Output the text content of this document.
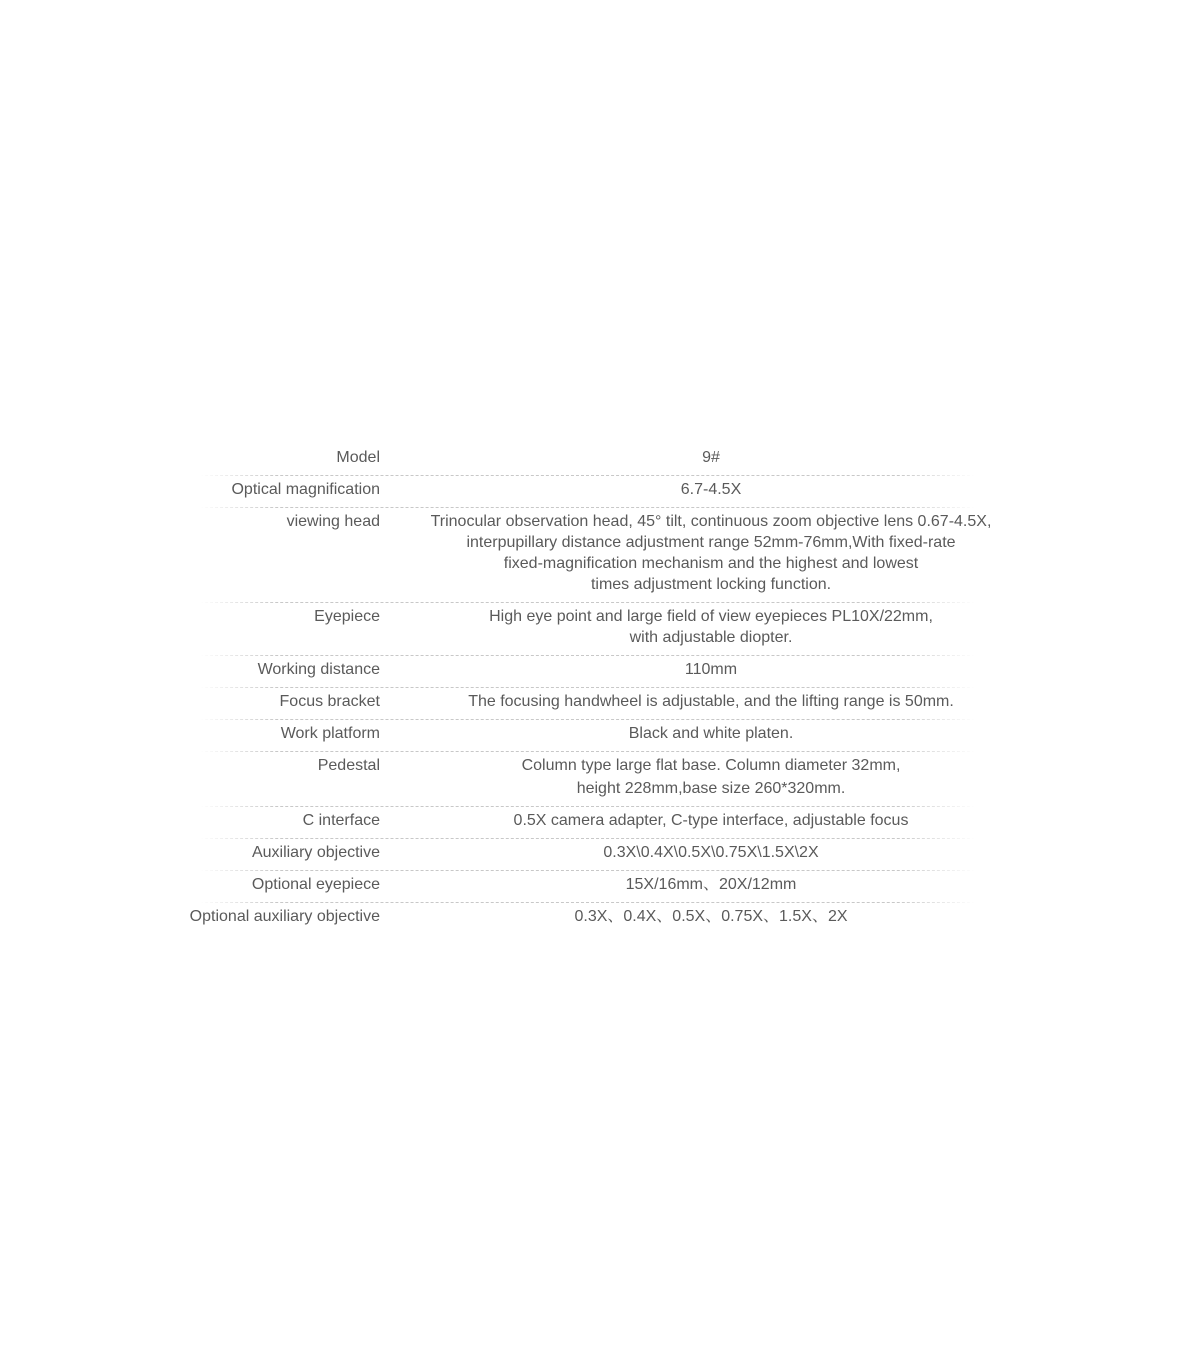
Model	9#
Optical magnification	6.7-4.5X
viewing head	Trinocular observation head, 45° tilt, continuous zoom objective lens 0.67-4.5X,
interpupillary distance adjustment range 52mm-76mm,With fixed-rate
fixed-magnification mechanism and the highest and lowest
times adjustment locking function.
Eyepiece	High eye point and large field of view eyepieces PL10X/22mm,
with adjustable diopter.
Working distance	110mm
Focus bracket	The focusing handwheel is adjustable, and the lifting range is 50mm.
Work platform	Black and white platen.
Pedestal	Column type large flat base. Column diameter 32mm,
height 228mm,base size 260*320mm.
C interface	0.5X camera adapter, C-type interface, adjustable focus
Auxiliary objective	0.3X\0.4X\0.5X\0.75X\1.5X\2X
Optional eyepiece	15X/16mm、20X/12mm
Optional auxiliary objective	0.3X、0.4X、0.5X、0.75X、1.5X、2X
